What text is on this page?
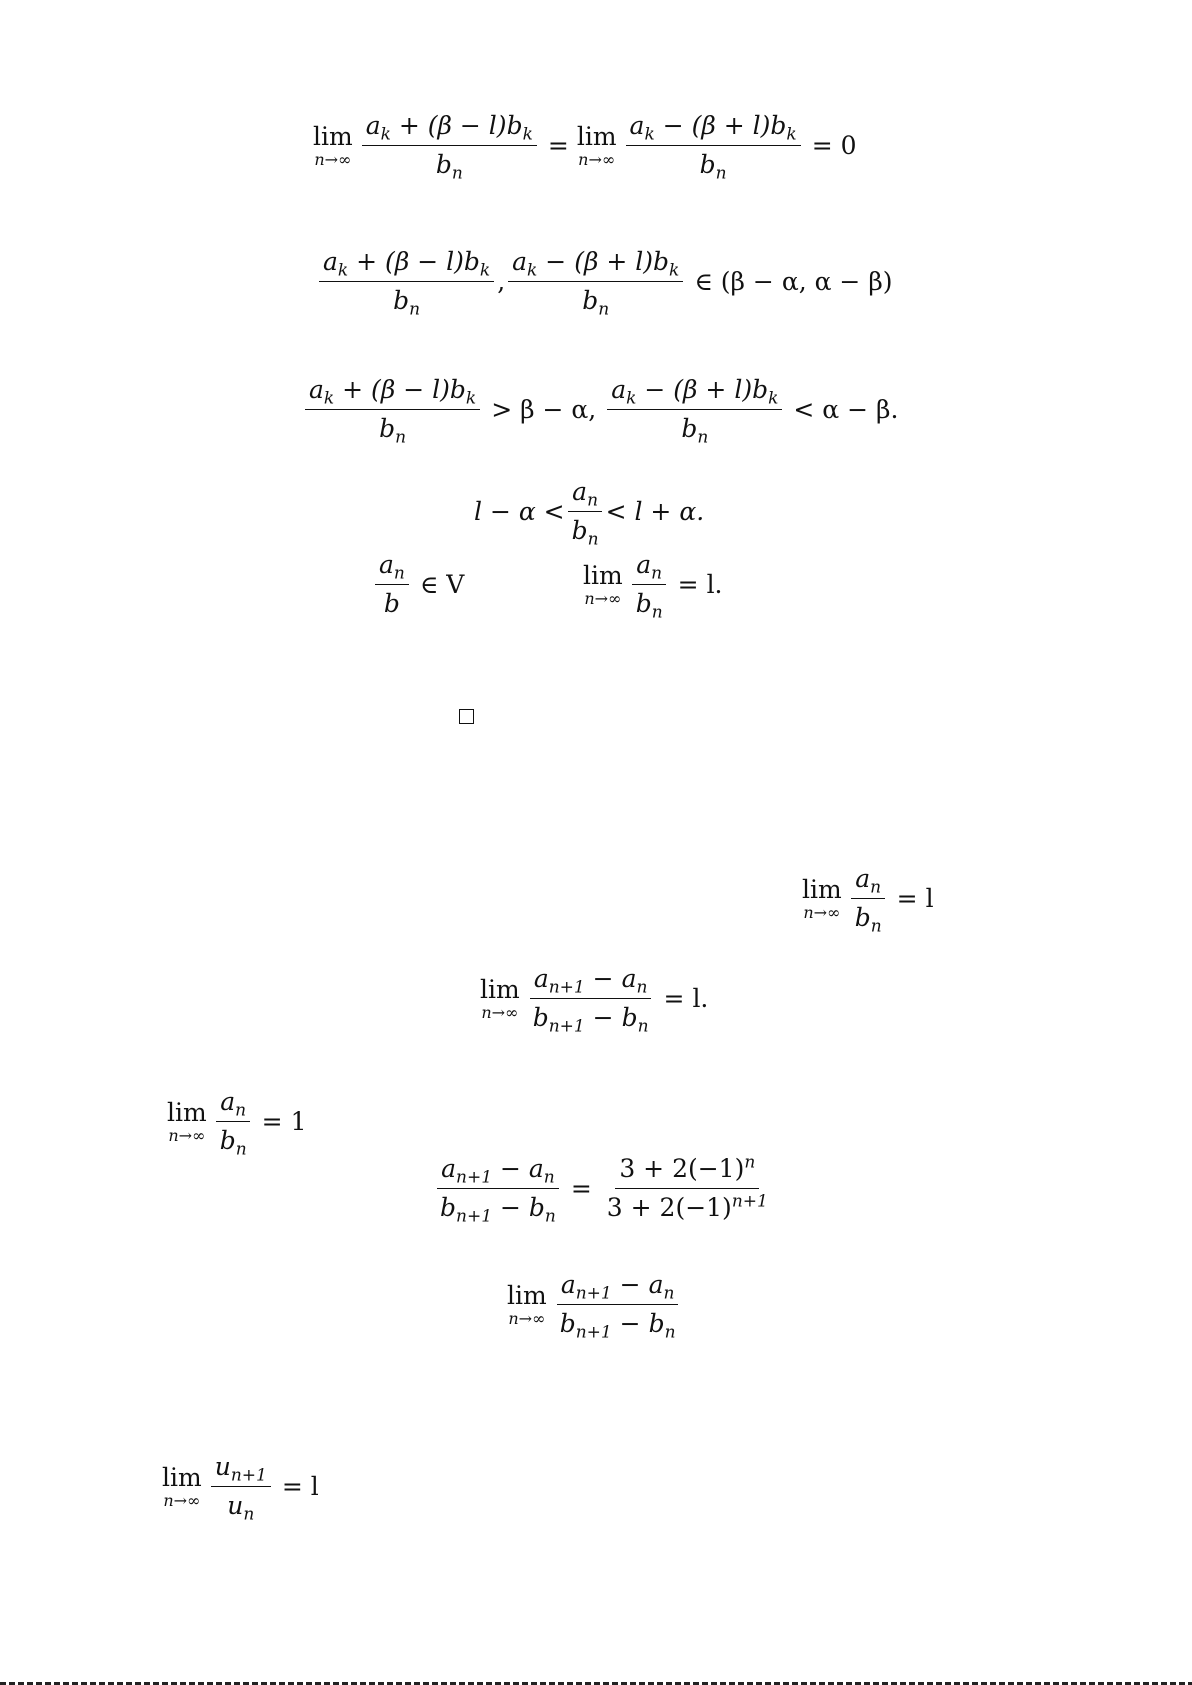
lim
$n\to\infty \frac{a_k + (\beta - l)b_k}{b_n} = \lim$
$n\to\infty \frac{a_k - (\beta + l)b_k}{b_n} = 0$
$\frac{a_k + (\beta - l)b_k}{b_n}$ , $\frac{a_k - (\beta + l)b_k}{b_n}$ ∈ (β − α, α − β)
$\frac{a_k + (\beta - l)b_k}{b_n} > \beta - \alpha$, $\frac{a_k - (\beta + l)b_k}{b_n} < \alpha - \beta$.
$l - \alpha < \frac{a_n}{b_n} < l + \alpha$.
$\frac{a_n}{b}$ ∈ V	lim
$n\to\infty \frac{a_n}{b_n} = l$.
lim
$n\to\infty \frac{a_n}{b_n} = l$
lim
$n\to\infty \frac{a_{n+1} - a_n}{b_{n+1} - b_n} = l$.
lim
$n\to\infty \frac{a_n}{b_n} = 1$
$\frac{a_{n+1} - a_n}{b_{n+1} - b_n} = \frac{3 + 2(-1)^n}{3 + 2(-1)^{n+1}}$
lim
$n\to\infty \frac{a_{n+1} - a_n}{b_{n+1} - b_n}$
lim
$n\to\infty \frac{u_{n+1}}{u_n} = l$
